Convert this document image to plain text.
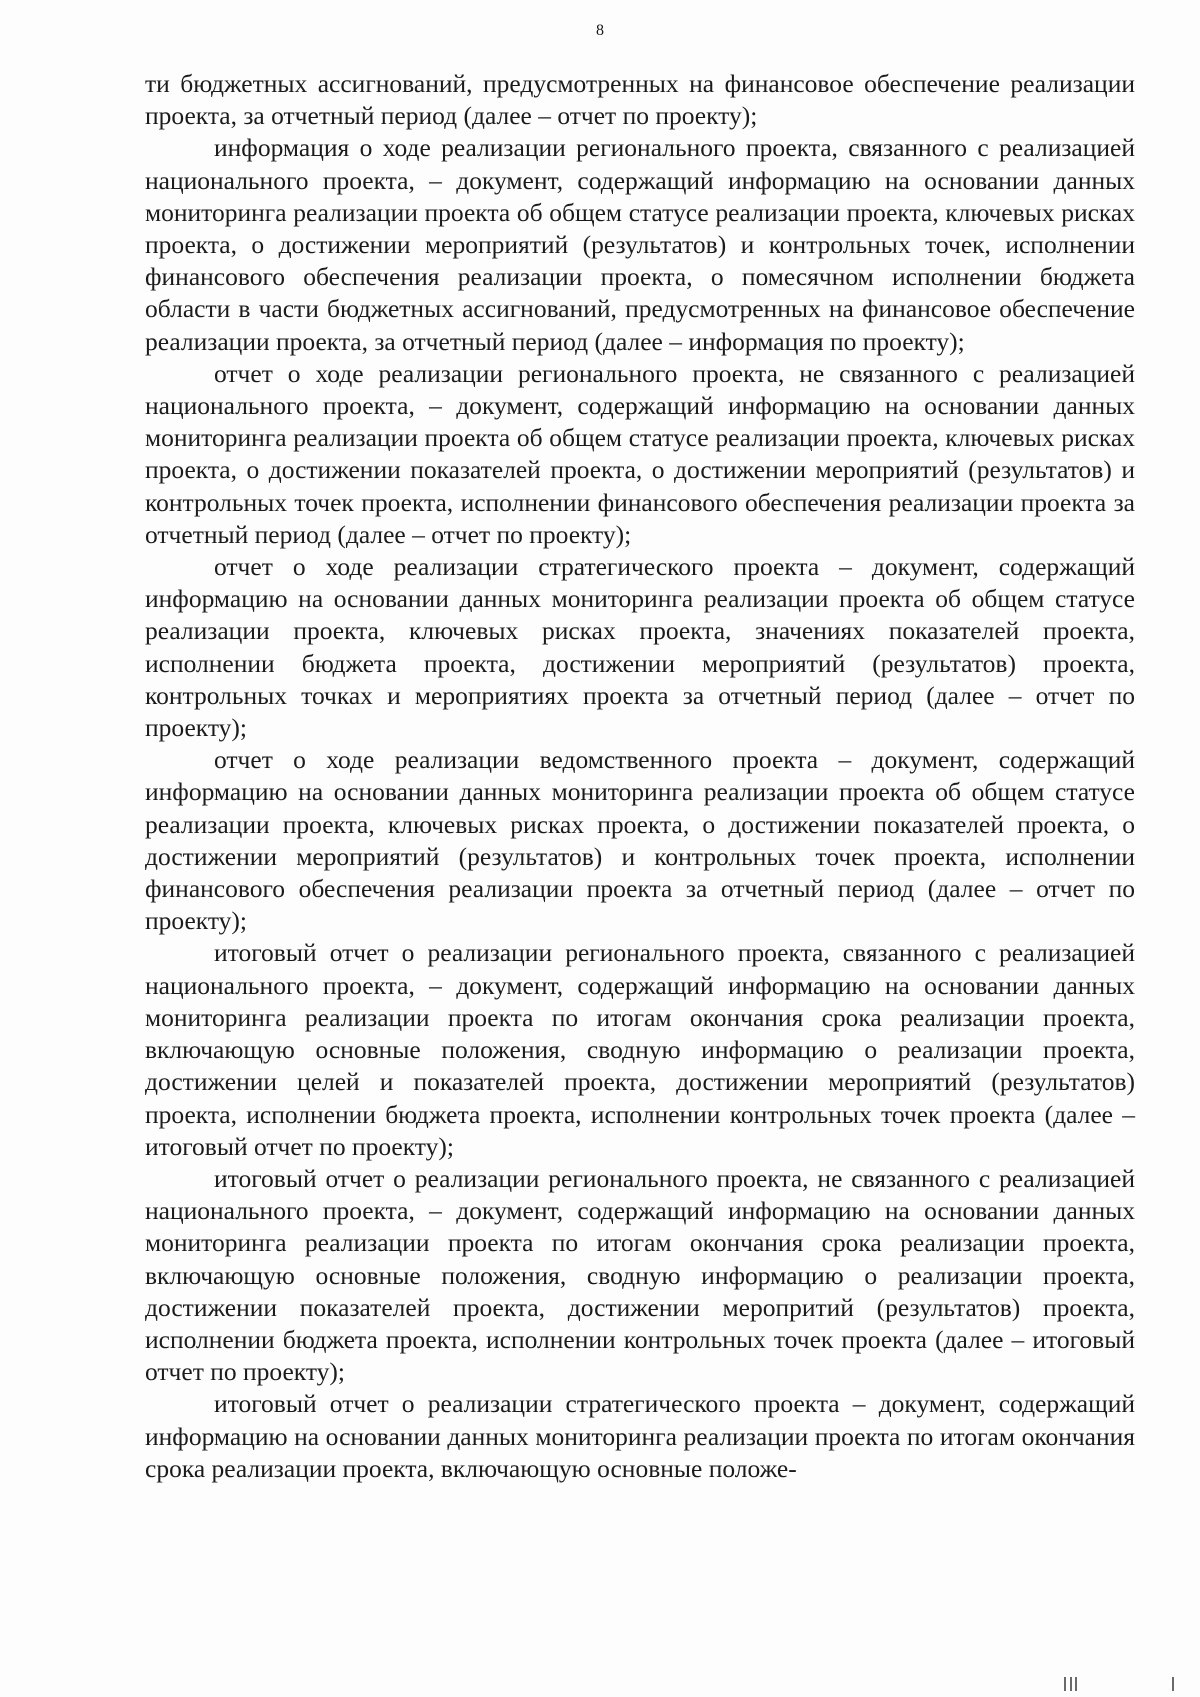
8

ти бюджетных ассигнований, предусмотренных на финансовое обеспечение реализации проекта, за отчетный период (далее – отчет по проекту);

информация о ходе реализации регионального проекта, связанного с реализацией национального проекта, – документ, содержащий информацию на основании данных мониторинга реализации проекта об общем статусе реализации проекта, ключевых рисках проекта, о достижении мероприятий (результатов) и контрольных точек, исполнении финансового обеспечения реализации проекта, о помесячном исполнении бюджета области в части бюджетных ассигнований, предусмотренных на финансовое обеспечение реализации проекта, за отчетный период (далее – информация по проекту);

отчет о ходе реализации регионального проекта, не связанного с реализацией национального проекта, – документ, содержащий информацию на основании данных мониторинга реализации проекта об общем статусе реализации проекта, ключевых рисках проекта, о достижении показателей проекта, о достижении мероприятий (результатов) и контрольных точек проекта, исполнении финансового обеспечения реализации проекта за отчетный период (далее – отчет по проекту);

отчет о ходе реализации стратегического проекта – документ, содержащий информацию на основании данных мониторинга реализации проекта об общем статусе реализации проекта, ключевых рисках проекта, значениях показателей проекта, исполнении бюджета проекта, достижении мероприятий (результатов) проекта, контрольных точках и мероприятиях проекта за отчетный период (далее – отчет по проекту);

отчет о ходе реализации ведомственного проекта – документ, содержащий информацию на основании данных мониторинга реализации проекта об общем статусе реализации проекта, ключевых рисках проекта, о достижении показателей проекта, о достижении мероприятий (результатов) и контрольных точек проекта, исполнении финансового обеспечения реализации проекта за отчетный период (далее – отчет по проекту);

итоговый отчет о реализации регионального проекта, связанного с реализацией национального проекта, – документ, содержащий информацию на основании данных мониторинга реализации проекта по итогам окончания срока реализации проекта, включающую основные положения, сводную информацию о реализации проекта, достижении целей и показателей проекта, достижении мероприятий (результатов) проекта, исполнении бюджета проекта, исполнении контрольных точек проекта (далее – итоговый отчет по проекту);

итоговый отчет о реализации регионального проекта, не связанного с реализацией национального проекта, – документ, содержащий информацию на основании данных мониторинга реализации проекта по итогам окончания срока реализации проекта, включающую основные положения, сводную информацию о реализации проекта, достижении показателей проекта, достижении меропритий (результатов) проекта, исполнении бюджета проекта, исполнении контрольных точек проекта (далее – итоговый отчет по проекту);

итоговый отчет о реализации стратегического проекта – документ, содержащий информацию на основании данных мониторинга реализации проекта по итогам окончания срока реализации проекта, включающую основные положе-
